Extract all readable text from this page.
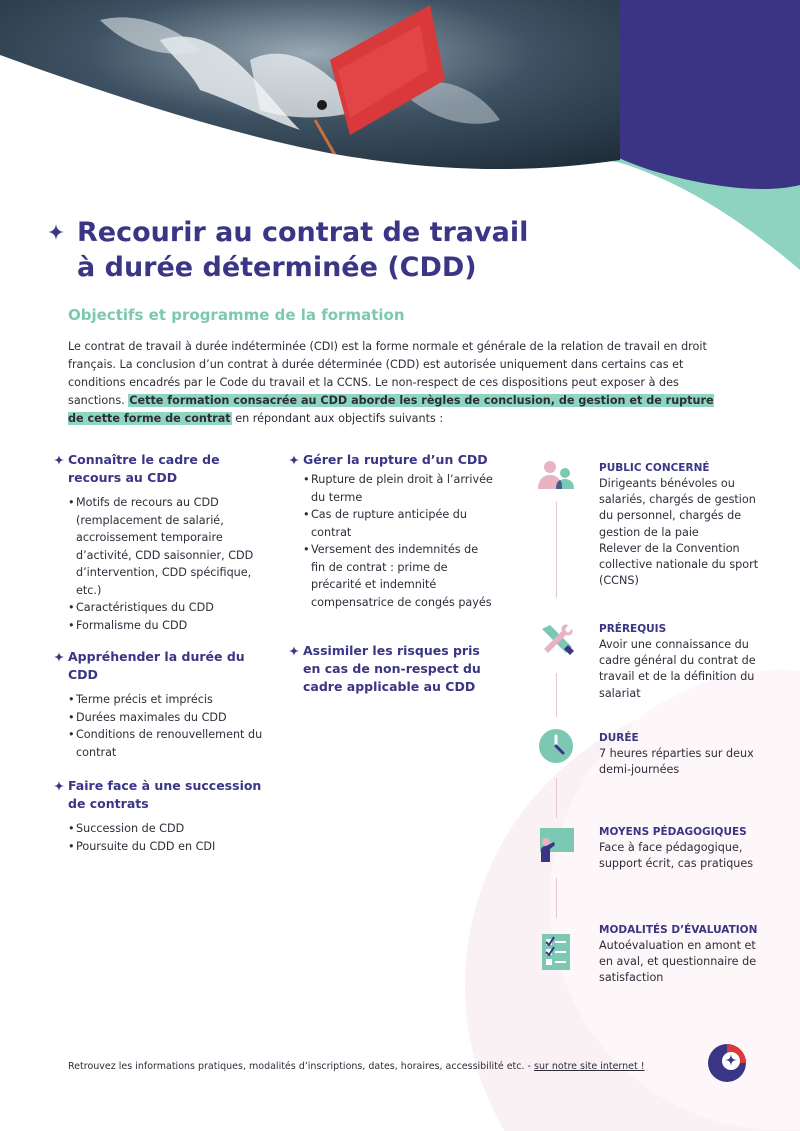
Recourir au contrat de travail
à durée déterminée (CDD)
Objectifs et programme de la formation

Le contrat de travail à durée indéterminée (CDI) est la forme normale et générale de la relation de travail en droit français. La conclusion d’un contrat à durée déterminée (CDD) est autorisée uniquement dans certains cas et conditions encadrés par le Code du travail et la CCNS. Le non-respect de ces dispositions peut exposer à des sanctions. Cette formation consacrée au CDD aborde les règles de conclusion, de gestion et de rupture de cette forme de contrat en répondant aux objectifs suivants :

Connaître le cadre de recours au CDD
• Motifs de recours au CDD (remplacement de salarié, accroissement temporaire d’activité, CDD saisonnier, CDD d’intervention, CDD spécifique, etc.)
• Caractéristiques du CDD
• Formalisme du CDD
Appréhender la durée du CDD
• Terme précis et imprécis
• Durées maximales du CDD
• Conditions de renouvellement du contrat
Faire face à une succession de contrats
• Succession de CDD
• Poursuite du CDD en CDI
Gérer la rupture d’un CDD
• Rupture de plein droit à l’arrivée du terme
• Cas de rupture anticipée du contrat
• Versement des indemnités de fin de contrat : prime de précarité et indemnité compensatrice de congés payés
Assimiler les risques pris en cas de non-respect du cadre applicable au CDD

PUBLIC CONCERNÉ

Dirigeants bénévoles ou salariés, chargés de gestion du personnel, chargés de gestion de la paie
Relever de la Convention collective nationale du sport (CCNS)

PRÉREQUIS

Avoir une connaissance du cadre général du contrat de travail et de la définition du salariat

DURÉE

7 heures réparties sur deux demi-journées

MOYENS PÉDAGOGIQUES

Face à face pédagogique, support écrit, cas pratiques

MODALITÉS D’ÉVALUATION

Autoévaluation en amont et en aval, et questionnaire de satisfaction

Retrouvez les informations pratiques, modalités d’inscriptions, dates, horaires, accessibilité etc. - sur notre site internet !
